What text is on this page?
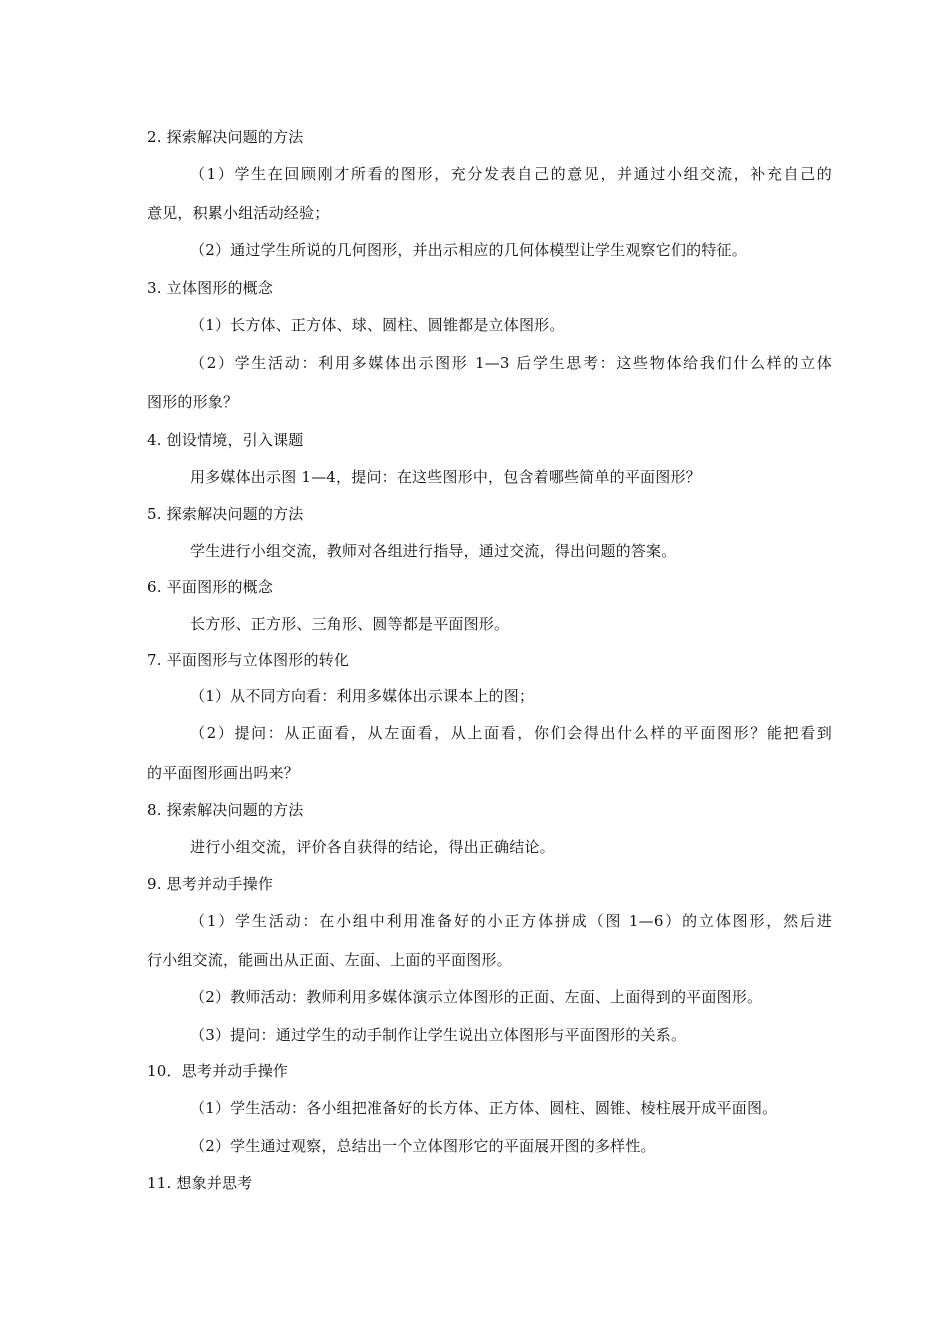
2. 探索解决问题的方法
（1）学生在回顾刚才所看的图形，充分发表自己的意见，并通过小组交流，补充自己的
意见，积累小组活动经验；
（2）通过学生所说的几何图形，并出示相应的几何体模型让学生观察它们的特征。
3. 立体图形的概念
（1）长方体、正方体、球、圆柱、圆锥都是立体图形。
（2）学生活动：利用多媒体出示图形 1—3 后学生思考：这些物体给我们什么样的立体
图形的形象？
4. 创设情境，引入课题
用多媒体出示图 1—4，提问：在这些图形中，包含着哪些简单的平面图形？
5. 探索解决问题的方法
学生进行小组交流，教师对各组进行指导，通过交流，得出问题的答案。
6. 平面图形的概念
长方形、正方形、三角形、圆等都是平面图形。
7. 平面图形与立体图形的转化
（1）从不同方向看：利用多媒体出示课本上的图；
（2）提问：从正面看，从左面看，从上面看，你们会得出什么样的平面图形？能把看到
的平面图形画出吗来？
8. 探索解决问题的方法
进行小组交流，评价各自获得的结论，得出正确结论。
9. 思考并动手操作
（1）学生活动：在小组中利用准备好的小正方体拼成（图 1—6）的立体图形，然后进
行小组交流，能画出从正面、左面、上面的平面图形。
（2）教师活动：教师利用多媒体演示立体图形的正面、左面、上面得到的平面图形。
（3）提问：通过学生的动手制作让学生说出立体图形与平面图形的关系。
10．思考并动手操作
（1）学生活动：各小组把准备好的长方体、正方体、圆柱、圆锥、棱柱展开成平面图。
（2）学生通过观察，总结出一个立体图形它的平面展开图的多样性。
11. 想象并思考
